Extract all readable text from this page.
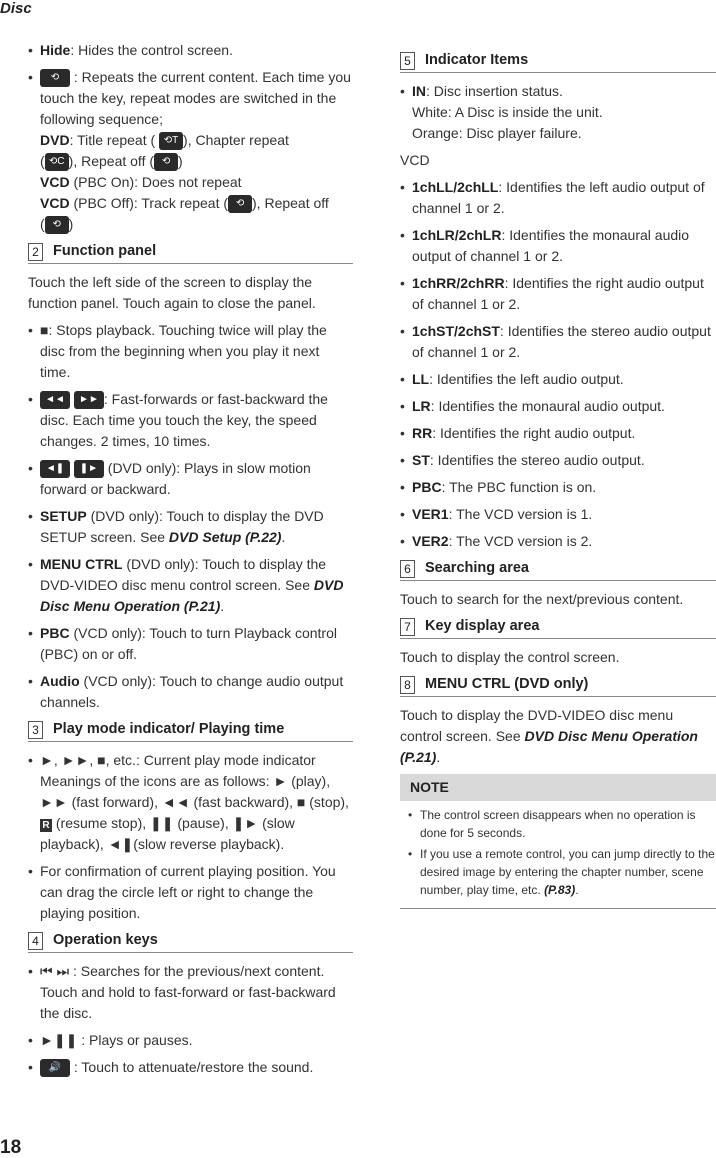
Disc
• Hide: Hides the control screen.
• ⟲ : Repeats the current content. Each time you touch the key, repeat modes are switched in the following sequence;
DVD: Title repeat ( ⟲T ), Chapter repeat
( ⟲C ), Repeat off ( ⟲ )
VCD (PBC On): Does not repeat
VCD (PBC Off): Track repeat ( ⟲ ), Repeat off
( ⟲ )
2 Function panel

Touch the left side of the screen to display the function panel. Touch again to close the panel.

• ■: Stops playback. Touching twice will play the disc from the beginning when you play it next time.
• ◄◄ ►► : Fast-forwards or fast-backward the disc. Each time you touch the key, the speed changes. 2 times, 10 times.
• ◄❚ ❚► (DVD only): Plays in slow motion forward or backward.
• SETUP (DVD only): Touch to display the DVD SETUP screen. See DVD Setup (P.22).
• MENU CTRL (DVD only): Touch to display the DVD-VIDEO disc menu control screen. See DVD Disc Menu Operation (P.21).
• PBC (VCD only): Touch to turn Playback control (PBC) on or off.
• Audio (VCD only): Touch to change audio output channels.
3 Play mode indicator/ Playing time
• ►, ►►, ■, etc.: Current play mode indicator Meanings of the icons are as follows: ► (play), ►► (fast forward), ◄◄ (fast backward), ■ (stop), R (resume stop), ❚❚ (pause), ❚► (slow playback), ◄❚(slow reverse playback).
• For confirmation of current playing position. You can drag the circle left or right to change the playing position.
4 Operation keys
• ⏮ ⏭ : Searches for the previous/next content.
Touch and hold to fast-forward or fast-backward the disc.
• ►❚❚ : Plays or pauses.
• 🔊 : Touch to attenuate/restore the sound.
5 Indicator Items
• IN: Disc insertion status.
White: A Disc is inside the unit.
Orange: Disc player failure.

VCD

• 1chLL/2chLL: Identifies the left audio output of channel 1 or 2.
• 1chLR/2chLR: Identifies the monaural audio output of channel 1 or 2.
• 1chRR/2chRR: Identifies the right audio output of channel 1 or 2.
• 1chST/2chST: Identifies the stereo audio output of channel 1 or 2.
• LL: Identifies the left audio output.
• LR: Identifies the monaural audio output.
• RR: Identifies the right audio output.
• ST: Identifies the stereo audio output.
• PBC: The PBC function is on.
• VER1: The VCD version is 1.
• VER2: The VCD version is 2.
6 Searching area

Touch to search for the next/previous content.

7 Key display area

Touch to display the control screen.

8 MENU CTRL
(DVD only)

Touch to display the DVD-VIDEO disc menu control screen. See DVD Disc Menu Operation (P.21).

NOTE
• The control screen disappears when no operation is done for 5 seconds.
• If you use a remote control, you can jump directly to the desired image by entering the chapter number, scene number, play time, etc. (P.83).
18
